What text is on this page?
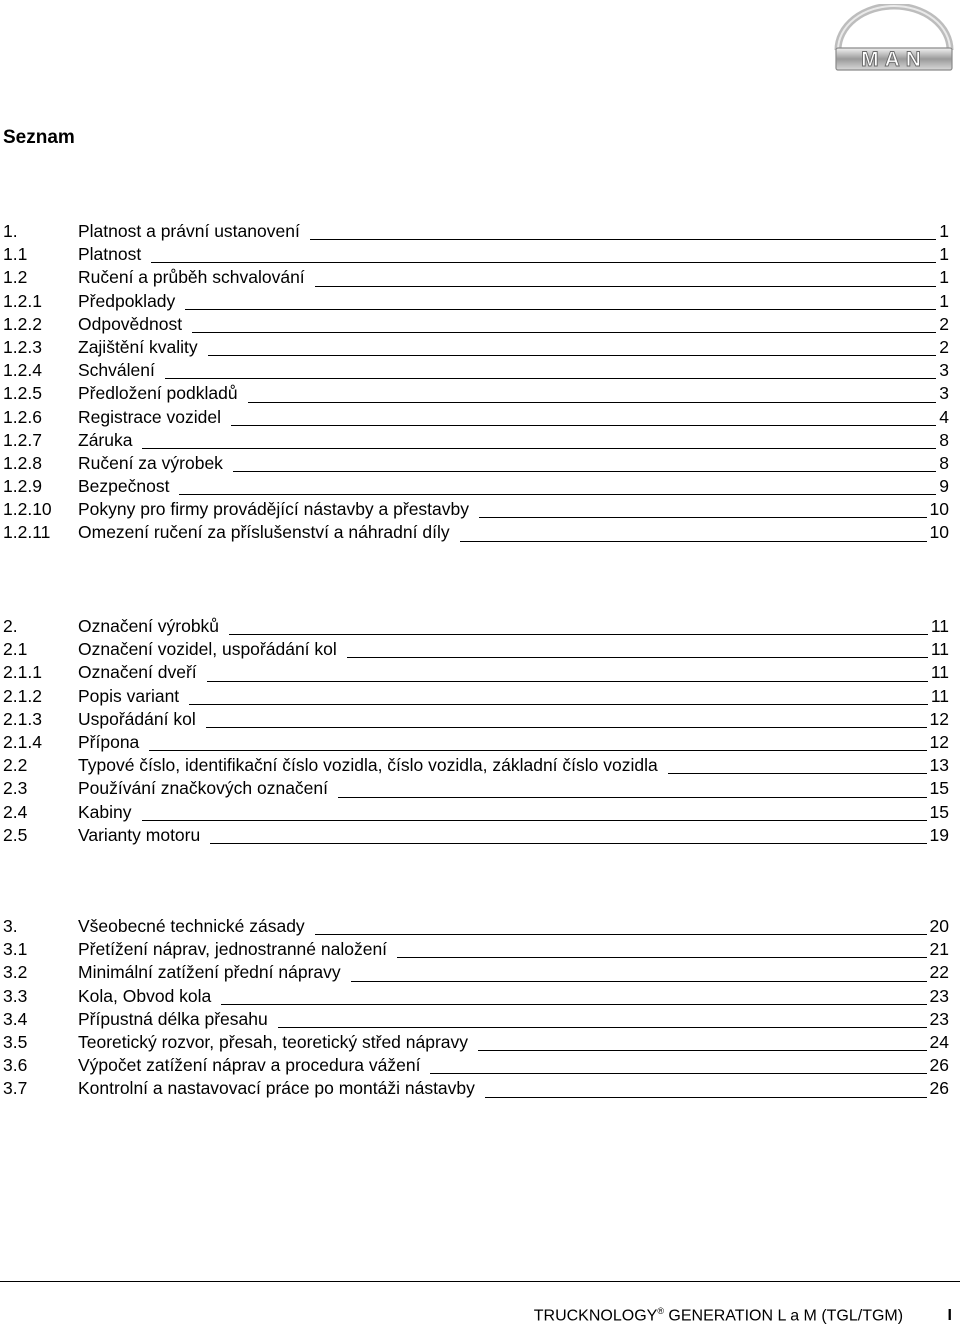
MAN
Seznam
1.	Platnost a právní ustanovení	1
1.1	Platnost	1
1.2	Ručení a průběh schvalování	1
1.2.1	Předpoklady	1
1.2.2	Odpovědnost	2
1.2.3	Zajištění kvality	2
1.2.4	Schválení	3
1.2.5	Předložení podkladů	3
1.2.6	Registrace vozidel	4
1.2.7	Záruka	8
1.2.8	Ručení za výrobek	8
1.2.9	Bezpečnost	9
1.2.10	Pokyny pro firmy provádějící nástavby a přestavby	10
1.2.11	Omezení ručení za příslušenství a náhradní díly	10
2.	Označení výrobků	11
2.1	Označení vozidel, uspořádání kol	11
2.1.1	Označení dveří	11
2.1.2	Popis variant	11
2.1.3	Uspořádání kol	12
2.1.4	Přípona	12
2.2	Typové číslo, identifikační číslo vozidla, číslo vozidla, základní číslo vozidla	13
2.3	Používání značkových označení	15
2.4	Kabiny	15
2.5	Varianty motoru	19
3.	Všeobecné technické zásady	20
3.1	Přetížení náprav, jednostranné naložení	21
3.2	Minimální zatížení přední nápravy	22
3.3	Kola, Obvod kola	23
3.4	Přípustná délka přesahu	23
3.5	Teoretický rozvor, přesah, teoretický střed nápravy	24
3.6	Výpočet zatížení náprav a procedura vážení	26
3.7	Kontrolní a nastavovací práce po montáži nástavby	26
TRUCKNOLOGY® GENERATION L a M (TGL/TGM)	I
